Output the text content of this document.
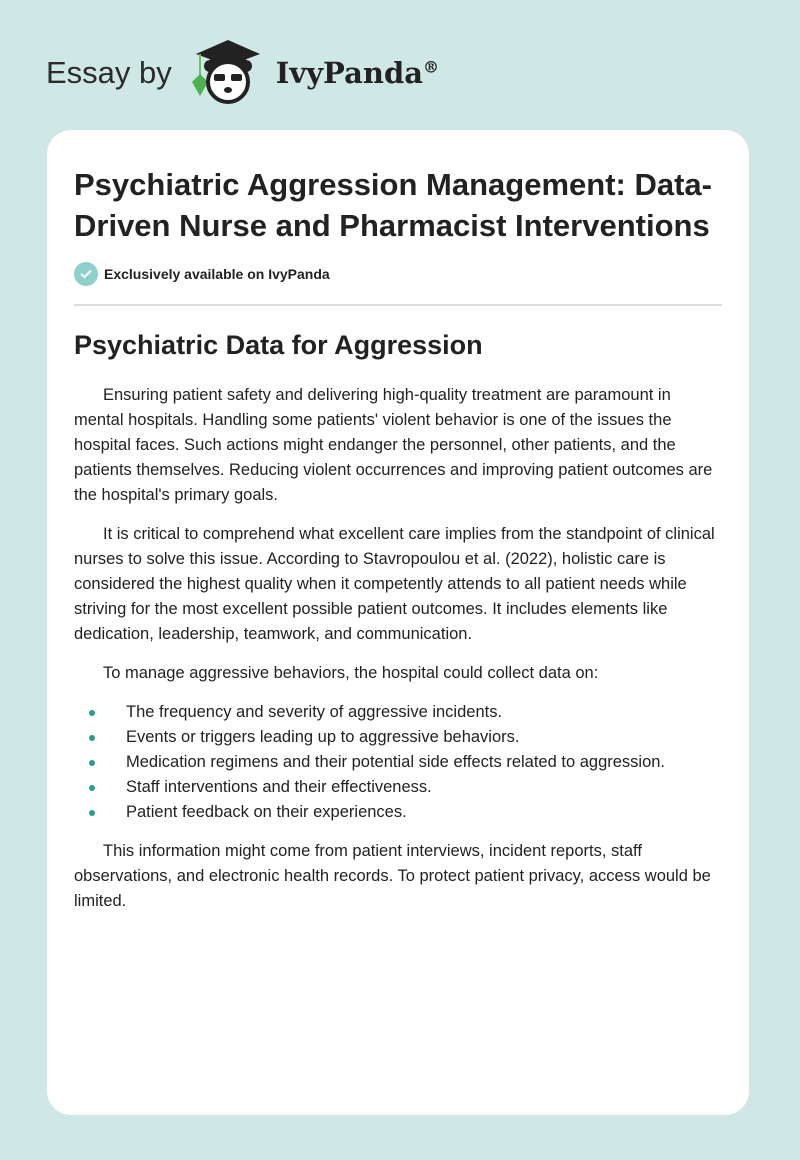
Essay by	IvyPanda®
Psychiatric Aggression Management: Data-Driven Nurse and Pharmacist Interventions
Exclusively available on IvyPanda
Psychiatric Data for Aggression

Ensuring patient safety and delivering high-quality treatment are paramount in mental hospitals. Handling some patients' violent behavior is one of the issues the hospital faces. Such actions might endanger the personnel, other patients, and the patients themselves. Reducing violent occurrences and improving patient outcomes are the hospital's primary goals.

It is critical to comprehend what excellent care implies from the standpoint of clinical nurses to solve this issue. According to Stavropoulou et al. (2022), holistic care is considered the highest quality when it competently attends to all patient needs while striving for the most excellent possible patient outcomes. It includes elements like dedication, leadership, teamwork, and communication.

To manage aggressive behaviors, the hospital could collect data on:

The frequency and severity of aggressive incidents.
Events or triggers leading up to aggressive behaviors.
Medication regimens and their potential side effects related to aggression.
Staff interventions and their effectiveness.
Patient feedback on their experiences.

This information might come from patient interviews, incident reports, staff observations, and electronic health records. To protect patient privacy, access would be limited.
